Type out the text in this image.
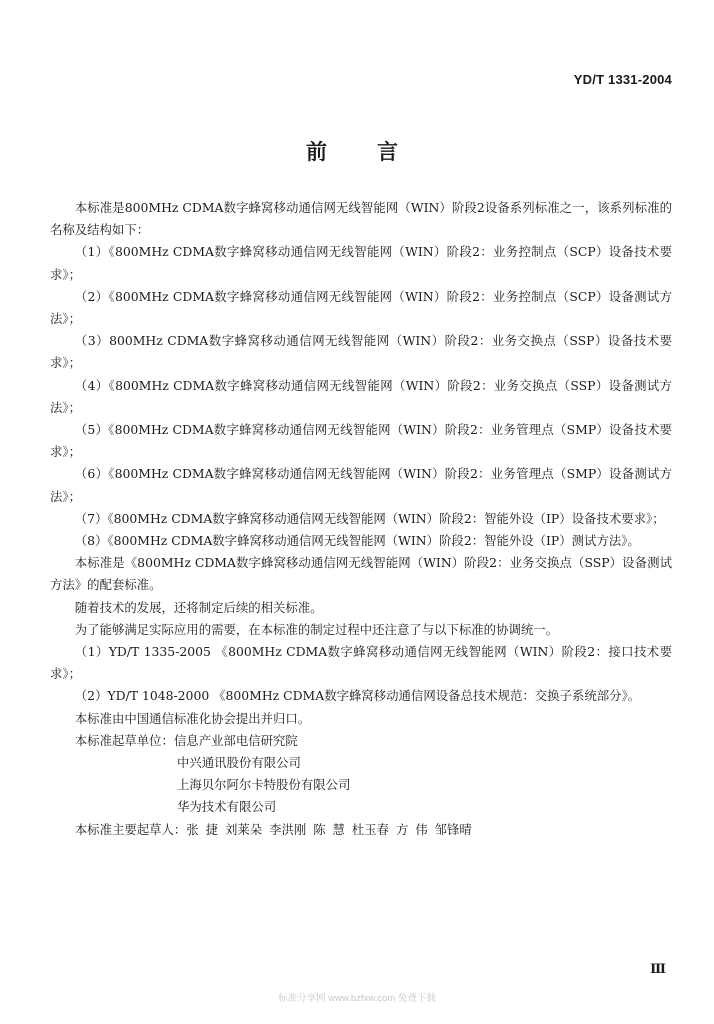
YD/T 1331-2004
前言

本标准是800MHz CDMA数字蜂窝移动通信网无线智能网（WIN）阶段2设备系列标准之一，该系列标准的名称及结构如下：

（1）《800MHz CDMA数字蜂窝移动通信网无线智能网（WIN）阶段2：业务控制点（SCP）设备技术要求》；

（2）《800MHz CDMA数字蜂窝移动通信网无线智能网（WIN）阶段2：业务控制点（SCP）设备测试方法》；

（3）800MHz CDMA数字蜂窝移动通信网无线智能网（WIN）阶段2：业务交换点（SSP）设备技术要求》；

（4）《800MHz CDMA数字蜂窝移动通信网无线智能网（WIN）阶段2：业务交换点（SSP）设备测试方法》；

（5）《800MHz CDMA数字蜂窝移动通信网无线智能网（WIN）阶段2：业务管理点（SMP）设备技术要求》；

（6）《800MHz CDMA数字蜂窝移动通信网无线智能网（WIN）阶段2：业务管理点（SMP）设备测试方法》；

（7）《800MHz CDMA数字蜂窝移动通信网无线智能网（WIN）阶段2：智能外设（IP）设备技术要求》；

（8）《800MHz CDMA数字蜂窝移动通信网无线智能网（WIN）阶段2：智能外设（IP）测试方法》。

本标准是《800MHz CDMA数字蜂窝移动通信网无线智能网（WIN）阶段2：业务交换点（SSP）设备测试方法》的配套标准。

随着技术的发展，还将制定后续的相关标准。

为了能够满足实际应用的需要，在本标准的制定过程中还注意了与以下标准的协调统一。

（1）YD/T 1335-2005 《800MHz CDMA数字蜂窝移动通信网无线智能网（WIN）阶段2：接口技术要求》；

（2）YD/T 1048-2000 《800MHz CDMA数字蜂窝移动通信网设备总技术规范：交换子系统部分》。

本标准由中国通信标准化协会提出并归口。

本标准起草单位：信息产业部电信研究院

中兴通讯股份有限公司

上海贝尔阿尔卡特股份有限公司

华为技术有限公司

本标准主要起草人：张 捷 刘莱朵 李洪刚 陈 慧 杜玉春 方 伟 邹锋晴

Ⅲ
标准分享网 www.bzfxw.com 免费下载
